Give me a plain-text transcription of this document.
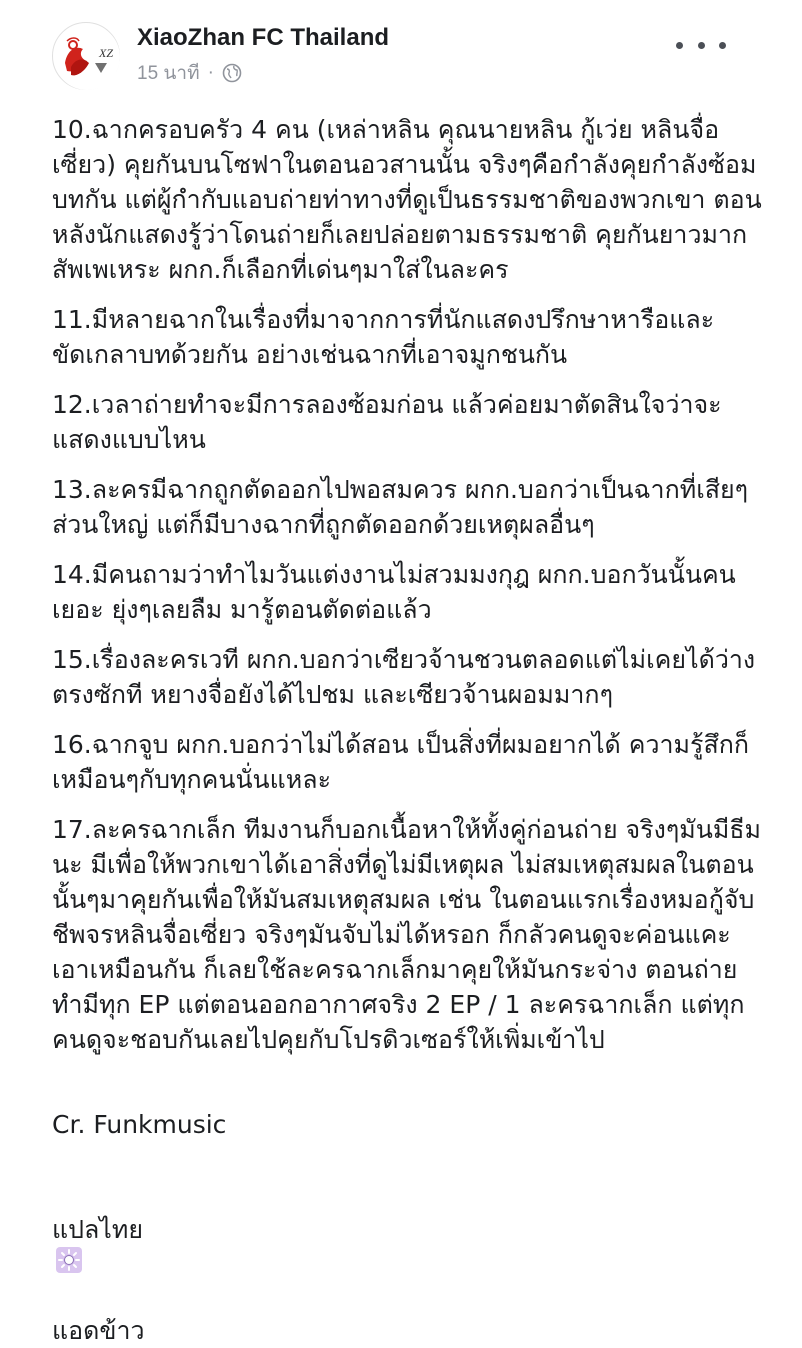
XZ
XiaoZhan FC Thailand
15 นาที ·

10.ฉากครอบครัว 4 คน (เหล่าหลิน คุณนายหลิน กู้เว่ย หลินจื่อเซี่ยว) คุยกันบนโซฟาในตอนอวสานนั้น จริงๆคือกำลังคุยกำลังซ้อมบทกัน แต่ผู้กำกับแอบถ่ายท่าทางที่ดูเป็นธรรมชาติของพวกเขา ตอนหลังนักแสดงรู้ว่าโดนถ่ายก็เลยปล่อยตามธรรมชาติ คุยกันยาวมาก สัพเพเหระ ผกก.ก็เลือกที่เด่นๆมาใส่ในละคร

11.มีหลายฉากในเรื่องที่มาจากการที่นักแสดงปรึกษาหารือและขัดเกลาบทด้วยกัน อย่างเช่นฉากที่เอาจมูกชนกัน

12.เวลาถ่ายทำจะมีการลองซ้อมก่อน แล้วค่อยมาตัดสินใจว่าจะแสดงแบบไหน

13.ละครมีฉากถูกตัดออกไปพอสมควร ผกก.บอกว่าเป็นฉากที่เสียๆส่วนใหญ่ แต่ก็มีบางฉากที่ถูกตัดออกด้วยเหตุผลอื่นๆ

14.มีคนถามว่าทำไมวันแต่งงานไม่สวมมงกุฎ ผกก.บอกวันนั้นคนเยอะ ยุ่งๆเลยลืม มารู้ตอนตัดต่อแล้ว

15.เรื่องละครเวที ผกก.บอกว่าเซียวจ้านชวนตลอดแต่ไม่เคยได้ว่างตรงซักที หยางจื่อยังได้ไปชม และเซียวจ้านผอมมากๆ

16.ฉากจูบ ผกก.บอกว่าไม่ได้สอน เป็นสิ่งที่ผมอยากได้ ความรู้สึกก็เหมือนๆกับทุกคนนั่นแหละ

17.ละครฉากเล็ก ทีมงานก็บอกเนื้อหาให้ทั้งคู่ก่อนถ่าย จริงๆมันมีธีมนะ มีเพื่อให้พวกเขาได้เอาสิ่งที่ดูไม่มีเหตุผล ไม่สมเหตุสมผลในตอนนั้นๆมาคุยกันเพื่อให้มันสมเหตุสมผล เช่น ในตอนแรกเรื่องหมอกู้จับชีพจรหลินจื่อเซี่ยว จริงๆมันจับไม่ได้หรอก ก็กลัวคนดูจะค่อนแคะเอาเหมือนกัน ก็เลยใช้ละครฉากเล็กมาคุยให้มันกระจ่าง ตอนถ่ายทำมีทุก EP แต่ตอนออกอากาศจริง 2 EP / 1 ละครฉากเล็ก แต่ทุกคนดูจะชอบกันเลยไปคุยกับโปรดิวเซอร์ให้เพิ่มเข้าไป

Cr. Funkmusic

แปลไทย

แอดข้าว
